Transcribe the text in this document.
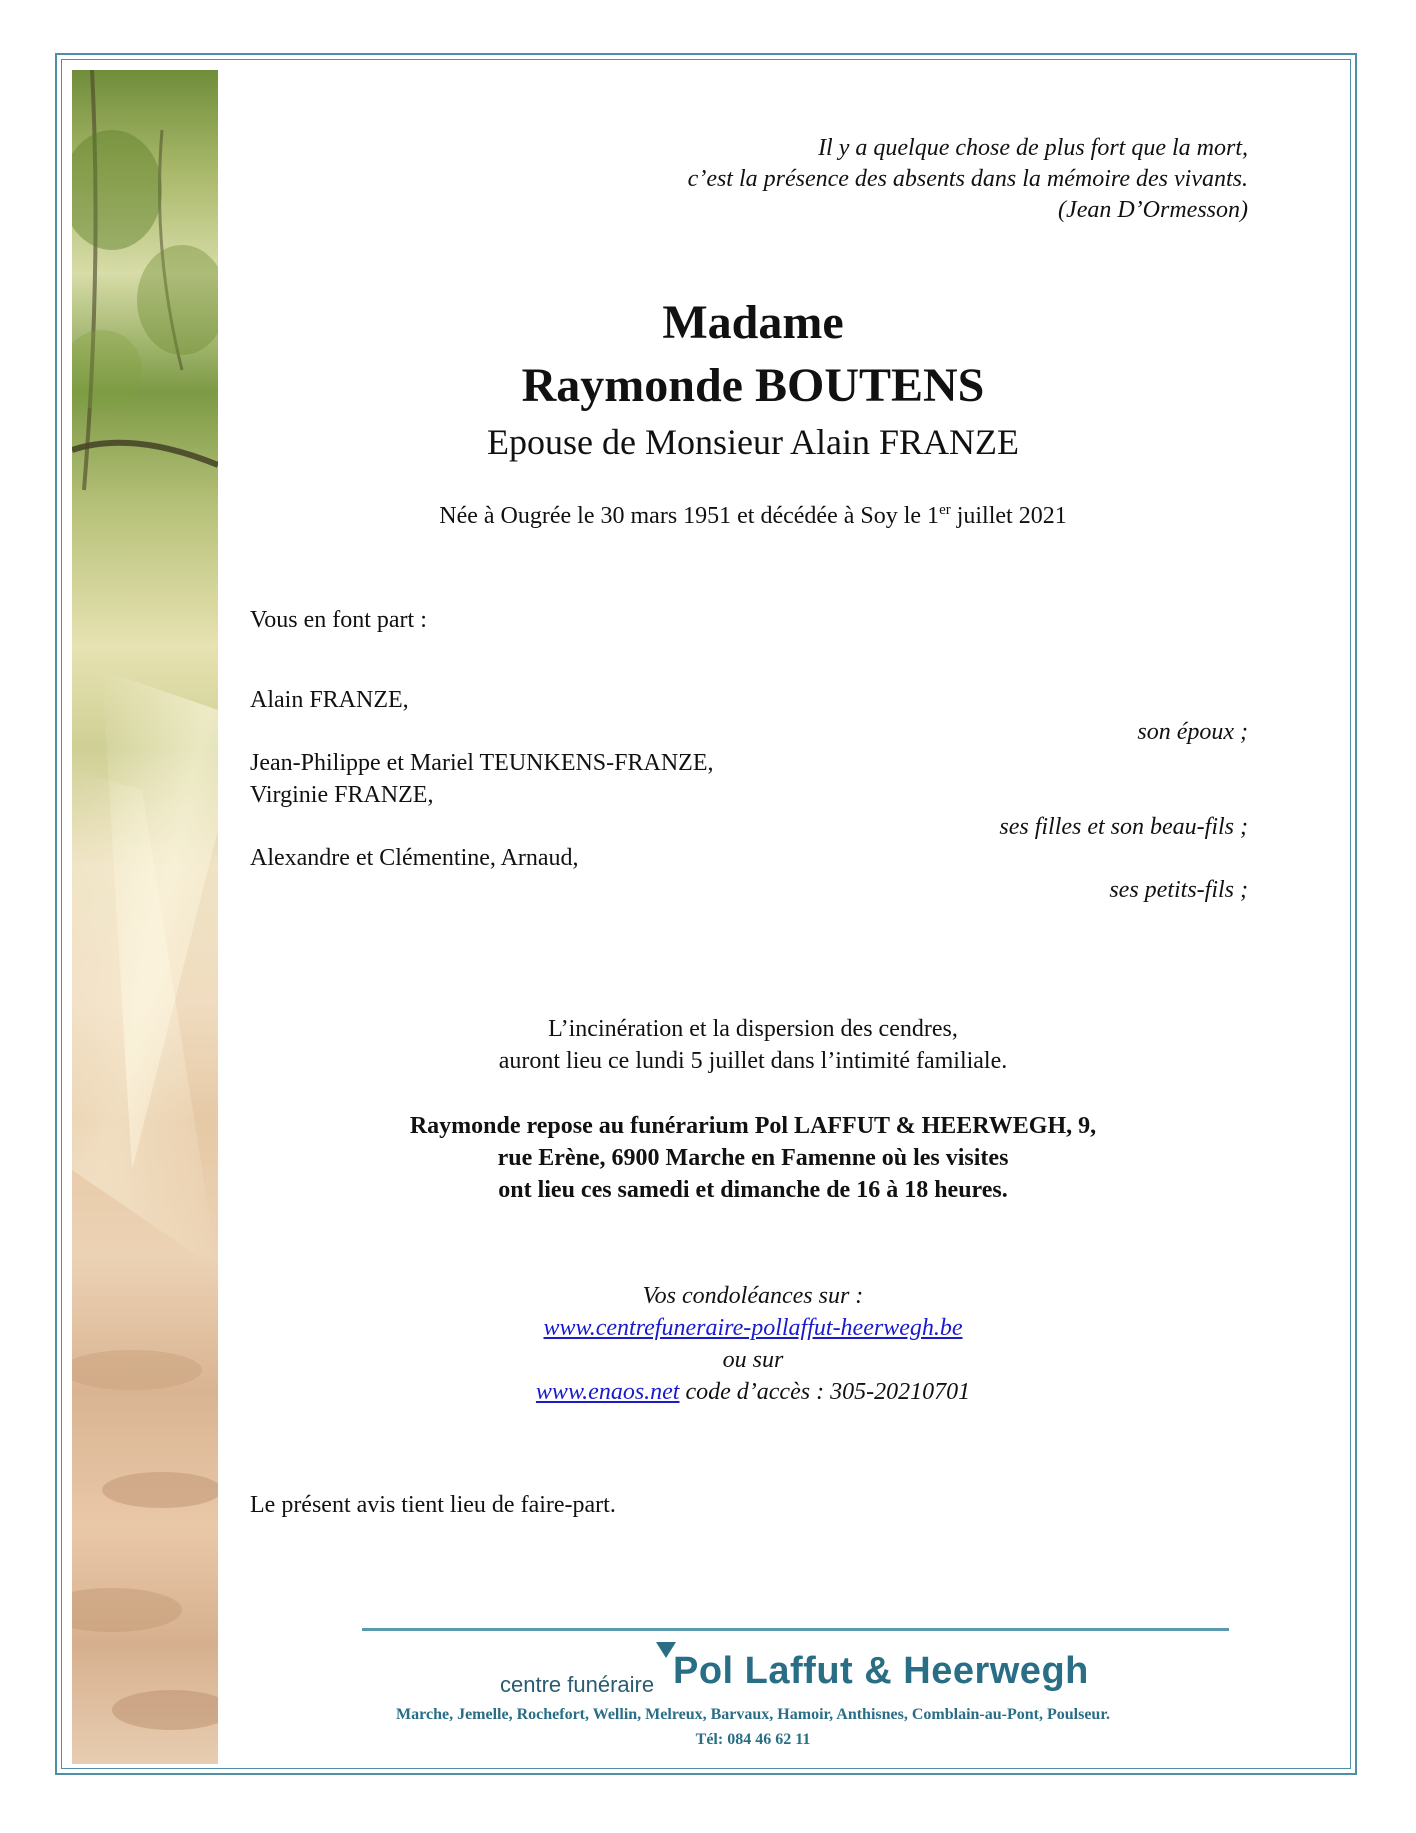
Il y a quelque chose de plus fort que la mort,
c’est la présence des absents dans la mémoire des vivants.
(Jean D’Ormesson)
Madame
Raymonde BOUTENS
Epouse de Monsieur Alain FRANZE
Née à Ougrée le 30 mars 1951 et décédée à Soy le 1er juillet 2021
Vous en font part :
Alain FRANZE,
son époux ;
Jean-Philippe et Mariel TEUNKENS-FRANZE,
Virginie FRANZE,
ses filles et son beau-fils ;
Alexandre et Clémentine, Arnaud,
ses petits-fils ;
L’incinération et la dispersion des cendres,
auront lieu ce lundi 5 juillet dans l’intimité familiale.
Raymonde repose au funérarium Pol LAFFUT & HEERWEGH, 9,
rue Erène, 6900 Marche en Famenne où les visites
ont lieu ces samedi et dimanche de 16 à 18 heures.
Vos condoléances sur :
www.centrefuneraire-pollaffut-heerwegh.be
ou sur
www.enaos.net code d’accès : 305-20210701
Le présent avis tient lieu de faire-part.
centre funéraire Pol Laffut & Heerwegh
Marche, Jemelle, Rochefort, Wellin, Melreux, Barvaux, Hamoir, Anthisnes, Comblain-au-Pont, Poulseur.
Tél: 084 46 62 11
